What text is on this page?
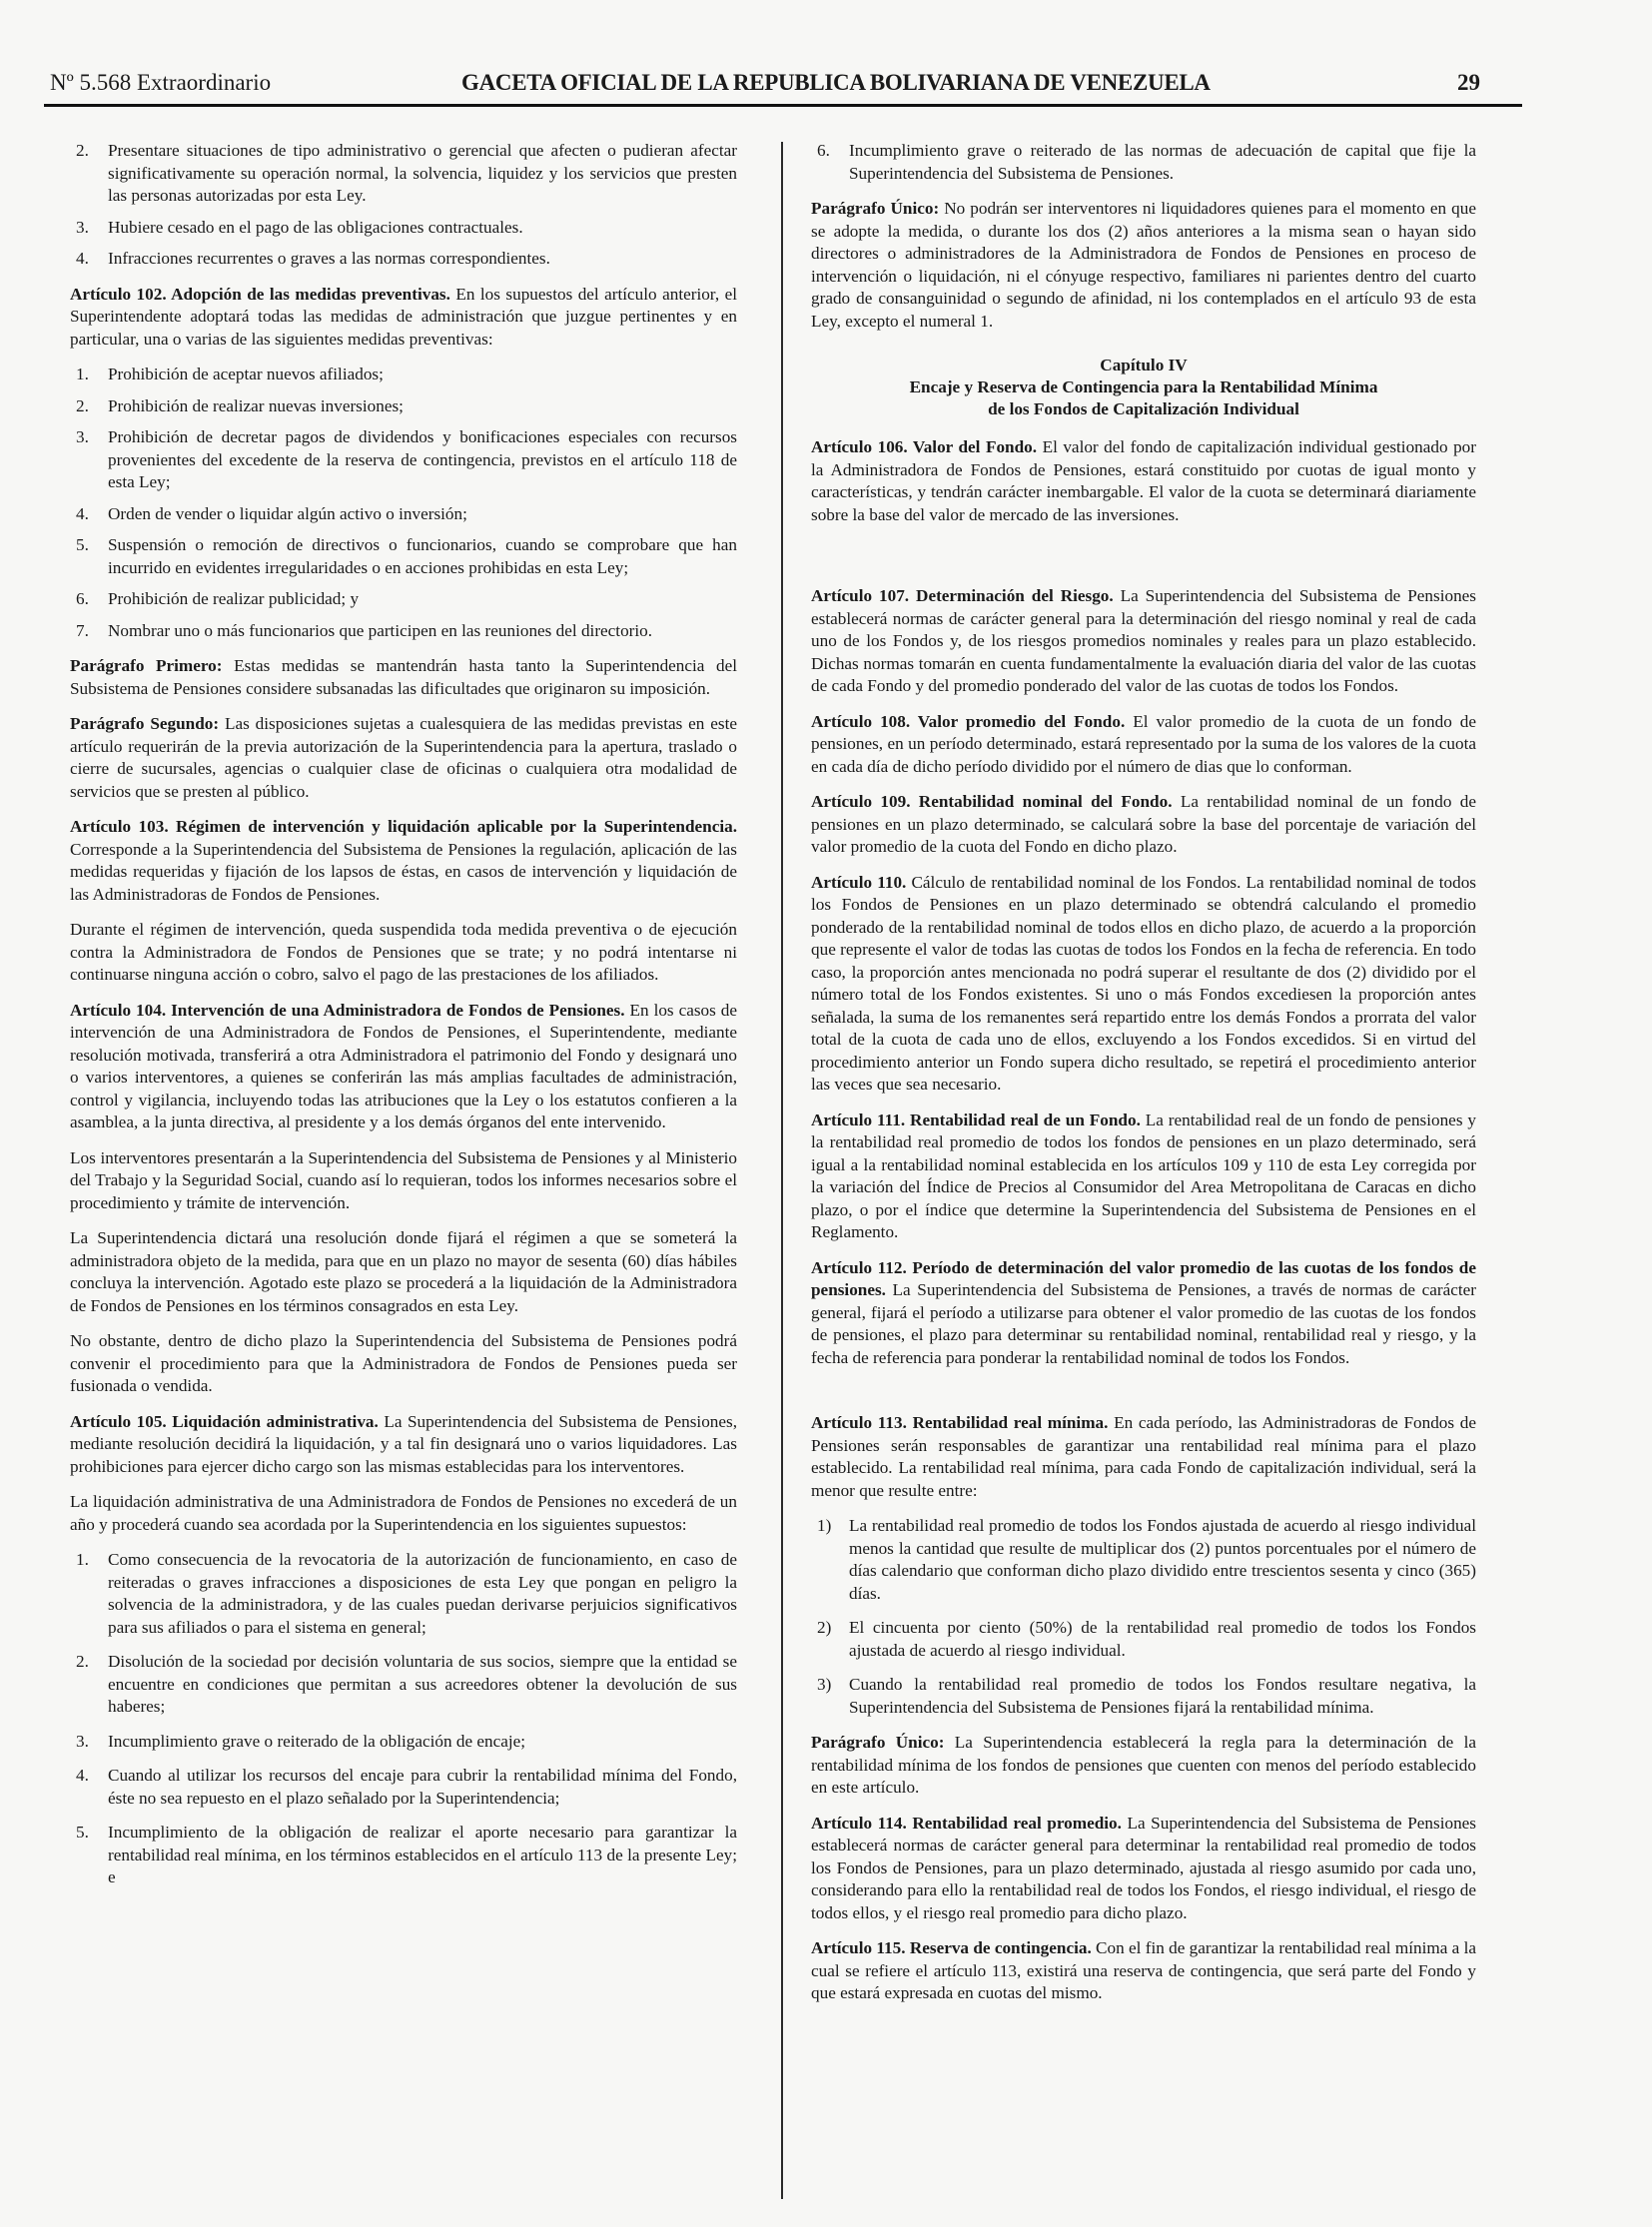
Nº 5.568 Extraordinario	GACETA OFICIAL DE LA REPUBLICA BOLIVARIANA DE VENEZUELA	29
2. Presentare situaciones de tipo administrativo o gerencial que afecten o pudieran afectar significativamente su operación normal, la solvencia, liquidez y los servicios que presten las personas autorizadas por esta Ley.
3. Hubiere cesado en el pago de las obligaciones contractuales.
4. Infracciones recurrentes o graves a las normas correspondientes.

Artículo 102. Adopción de las medidas preventivas. En los supuestos del artículo anterior, el Superintendente adoptará todas las medidas de administración que juzgue pertinentes y en particular, una o varias de las siguientes medidas preventivas:

1. Prohibición de aceptar nuevos afiliados;
2. Prohibición de realizar nuevas inversiones;
3. Prohibición de decretar pagos de dividendos y bonificaciones especiales con recursos provenientes del excedente de la reserva de contingencia, previstos en el artículo 118 de esta Ley;
4. Orden de vender o liquidar algún activo o inversión;
5. Suspensión o remoción de directivos o funcionarios, cuando se comprobare que han incurrido en evidentes irregularidades o en acciones prohibidas en esta Ley;
6. Prohibición de realizar publicidad; y
7. Nombrar uno o más funcionarios que participen en las reuniones del directorio.

Parágrafo Primero: Estas medidas se mantendrán hasta tanto la Superintendencia del Subsistema de Pensiones considere subsanadas las dificultades que originaron su imposición.

Parágrafo Segundo: Las disposiciones sujetas a cualesquiera de las medidas previstas en este artículo requerirán de la previa autorización de la Superintendencia para la apertura, traslado o cierre de sucursales, agencias o cualquier clase de oficinas o cualquiera otra modalidad de servicios que se presten al público.

Artículo 103. Régimen de intervención y liquidación aplicable por la Superintendencia. Corresponde a la Superintendencia del Subsistema de Pensiones la regulación, aplicación de las medidas requeridas y fijación de los lapsos de éstas, en casos de intervención y liquidación de las Administradoras de Fondos de Pensiones.

Durante el régimen de intervención, queda suspendida toda medida preventiva o de ejecución contra la Administradora de Fondos de Pensiones que se trate; y no podrá intentarse ni continuarse ninguna acción o cobro, salvo el pago de las prestaciones de los afiliados.

Artículo 104. Intervención de una Administradora de Fondos de Pensiones. En los casos de intervención de una Administradora de Fondos de Pensiones, el Superintendente, mediante resolución motivada, transferirá a otra Administradora el patrimonio del Fondo y designará uno o varios interventores, a quienes se conferirán las más amplias facultades de administración, control y vigilancia, incluyendo todas las atribuciones que la Ley o los estatutos confieren a la asamblea, a la junta directiva, al presidente y a los demás órganos del ente intervenido.

Los interventores presentarán a la Superintendencia del Subsistema de Pensiones y al Ministerio del Trabajo y la Seguridad Social, cuando así lo requieran, todos los informes necesarios sobre el procedimiento y trámite de intervención.

La Superintendencia dictará una resolución donde fijará el régimen a que se someterá la administradora objeto de la medida, para que en un plazo no mayor de sesenta (60) días hábiles concluya la intervención. Agotado este plazo se procederá a la liquidación de la Administradora de Fondos de Pensiones en los términos consagrados en esta Ley.

No obstante, dentro de dicho plazo la Superintendencia del Subsistema de Pensiones podrá convenir el procedimiento para que la Administradora de Fondos de Pensiones pueda ser fusionada o vendida.

Artículo 105. Liquidación administrativa. La Superintendencia del Subsistema de Pensiones, mediante resolución decidirá la liquidación, y a tal fin designará uno o varios liquidadores. Las prohibiciones para ejercer dicho cargo son las mismas establecidas para los interventores.

La liquidación administrativa de una Administradora de Fondos de Pensiones no excederá de un año y procederá cuando sea acordada por la Superintendencia en los siguientes supuestos:

1. Como consecuencia de la revocatoria de la autorización de funcionamiento, en caso de reiteradas o graves infracciones a disposiciones de esta Ley que pongan en peligro la solvencia de la administradora, y de las cuales puedan derivarse perjuicios significativos para sus afiliados o para el sistema en general;
2. Disolución de la sociedad por decisión voluntaria de sus socios, siempre que la entidad se encuentre en condiciones que permitan a sus acreedores obtener la devolución de sus haberes;
3. Incumplimiento grave o reiterado de la obligación de encaje;
4. Cuando al utilizar los recursos del encaje para cubrir la rentabilidad mínima del Fondo, éste no sea repuesto en el plazo señalado por la Superintendencia;
5. Incumplimiento de la obligación de realizar el aporte necesario para garantizar la rentabilidad real mínima, en los términos establecidos en el artículo 113 de la presente Ley; e
6. Incumplimiento grave o reiterado de las normas de adecuación de capital que fije la Superintendencia del Subsistema de Pensiones.

Parágrafo Único: No podrán ser interventores ni liquidadores quienes para el momento en que se adopte la medida, o durante los dos (2) años anteriores a la misma sean o hayan sido directores o administradores de la Administradora de Fondos de Pensiones en proceso de intervención o liquidación, ni el cónyuge respectivo, familiares ni parientes dentro del cuarto grado de consanguinidad o segundo de afinidad, ni los contemplados en el artículo 93 de esta Ley, excepto el numeral 1.

Capítulo IV
Encaje y Reserva de Contingencia para la Rentabilidad Mínima
de los Fondos de Capitalización Individual

Artículo 106. Valor del Fondo. El valor del fondo de capitalización individual gestionado por la Administradora de Fondos de Pensiones, estará constituido por cuotas de igual monto y características, y tendrán carácter inembargable. El valor de la cuota se determinará diariamente sobre la base del valor de mercado de las inversiones.

Artículo 107. Determinación del Riesgo. La Superintendencia del Subsistema de Pensiones establecerá normas de carácter general para la determinación del riesgo nominal y real de cada uno de los Fondos y, de los riesgos promedios nominales y reales para un plazo establecido. Dichas normas tomarán en cuenta fundamentalmente la evaluación diaria del valor de las cuotas de cada Fondo y del promedio ponderado del valor de las cuotas de todos los Fondos.

Artículo 108. Valor promedio del Fondo. El valor promedio de la cuota de un fondo de pensiones, en un período determinado, estará representado por la suma de los valores de la cuota en cada día de dicho período dividido por el número de dias que lo conforman.

Artículo 109. Rentabilidad nominal del Fondo. La rentabilidad nominal de un fondo de pensiones en un plazo determinado, se calculará sobre la base del porcentaje de variación del valor promedio de la cuota del Fondo en dicho plazo.

Artículo 110. Cálculo de rentabilidad nominal de los Fondos. La rentabilidad nominal de todos los Fondos de Pensiones en un plazo determinado se obtendrá calculando el promedio ponderado de la rentabilidad nominal de todos ellos en dicho plazo, de acuerdo a la proporción que represente el valor de todas las cuotas de todos los Fondos en la fecha de referencia. En todo caso, la proporción antes mencionada no podrá superar el resultante de dos (2) dividido por el número total de los Fondos existentes. Si uno o más Fondos excediesen la proporción antes señalada, la suma de los remanentes será repartido entre los demás Fondos a prorrata del valor total de la cuota de cada uno de ellos, excluyendo a los Fondos excedidos. Si en virtud del procedimiento anterior un Fondo supera dicho resultado, se repetirá el procedimiento anterior las veces que sea necesario.

Artículo 111. Rentabilidad real de un Fondo. La rentabilidad real de un fondo de pensiones y la rentabilidad real promedio de todos los fondos de pensiones en un plazo determinado, será igual a la rentabilidad nominal establecida en los artículos 109 y 110 de esta Ley corregida por la variación del Índice de Precios al Consumidor del Area Metropolitana de Caracas en dicho plazo, o por el índice que determine la Superintendencia del Subsistema de Pensiones en el Reglamento.

Artículo 112. Período de determinación del valor promedio de las cuotas de los fondos de pensiones. La Superintendencia del Subsistema de Pensiones, a través de normas de carácter general, fijará el período a utilizarse para obtener el valor promedio de las cuotas de los fondos de pensiones, el plazo para determinar su rentabilidad nominal, rentabilidad real y riesgo, y la fecha de referencia para ponderar la rentabilidad nominal de todos los Fondos.

Artículo 113. Rentabilidad real mínima. En cada período, las Administradoras de Fondos de Pensiones serán responsables de garantizar una rentabilidad real mínima para el plazo establecido. La rentabilidad real mínima, para cada Fondo de capitalización individual, será la menor que resulte entre:

1) La rentabilidad real promedio de todos los Fondos ajustada de acuerdo al riesgo individual menos la cantidad que resulte de multiplicar dos (2) puntos porcentuales por el número de días calendario que conforman dicho plazo dividido entre trescientos sesenta y cinco (365) días.
2) El cincuenta por ciento (50%) de la rentabilidad real promedio de todos los Fondos ajustada de acuerdo al riesgo individual.
3) Cuando la rentabilidad real promedio de todos los Fondos resultare negativa, la Superintendencia del Subsistema de Pensiones fijará la rentabilidad mínima.

Parágrafo Único: La Superintendencia establecerá la regla para la determinación de la rentabilidad mínima de los fondos de pensiones que cuenten con menos del período establecido en este artículo.

Artículo 114. Rentabilidad real promedio. La Superintendencia del Subsistema de Pensiones establecerá normas de carácter general para determinar la rentabilidad real promedio de todos los Fondos de Pensiones, para un plazo determinado, ajustada al riesgo asumido por cada uno, considerando para ello la rentabilidad real de todos los Fondos, el riesgo individual, el riesgo de todos ellos, y el riesgo real promedio para dicho plazo.

Artículo 115. Reserva de contingencia. Con el fin de garantizar la rentabilidad real mínima a la cual se refiere el artículo 113, existirá una reserva de contingencia, que será parte del Fondo y que estará expresada en cuotas del mismo.
